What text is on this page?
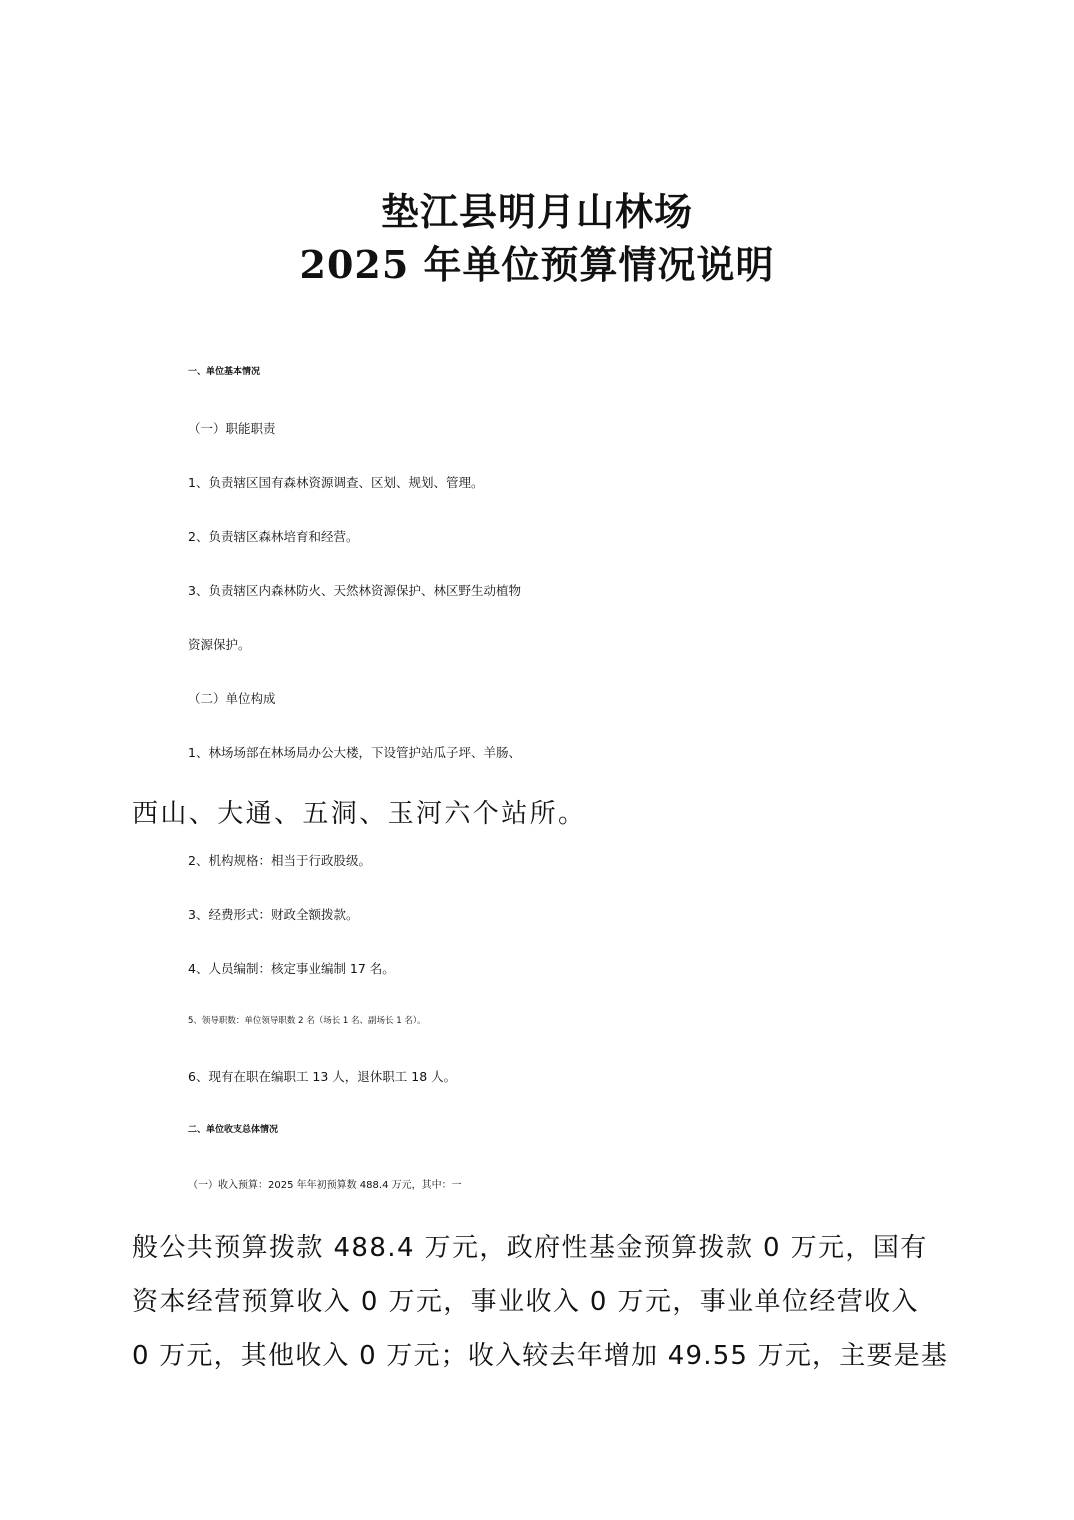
垫江县明月山林场
2025 年单位预算情况说明

一、单位基本情况

（一）职能职责

1、负责辖区国有森林资源调查、区划、规划、管理。

2、负责辖区森林培育和经营。

3、负责辖区内森林防火、天然林资源保护、林区野生动植物

资源保护。

（二）单位构成

1、林场场部在林场局办公大楼，下设管护站瓜子坪、羊肠、

西山、大通、五洞、玉河六个站所。

2、机构规格：相当于行政股级。

3、经费形式：财政全额拨款。

4、人员编制：核定事业编制 17 名。

5、领导职数：单位领导职数 2 名（场长 1 名、副场长 1 名）。

6、现有在职在编职工 13 人，退休职工 18 人。

二、单位收支总体情况

（一）收入预算：2025 年年初预算数 488.4 万元，其中：一

般公共预算拨款 488.4 万元，政府性基金预算拨款 0 万元，国有

资本经营预算收入 0 万元，事业收入 0 万元，事业单位经营收入

0 万元，其他收入 0 万元；收入较去年增加 49.55 万元，主要是基
